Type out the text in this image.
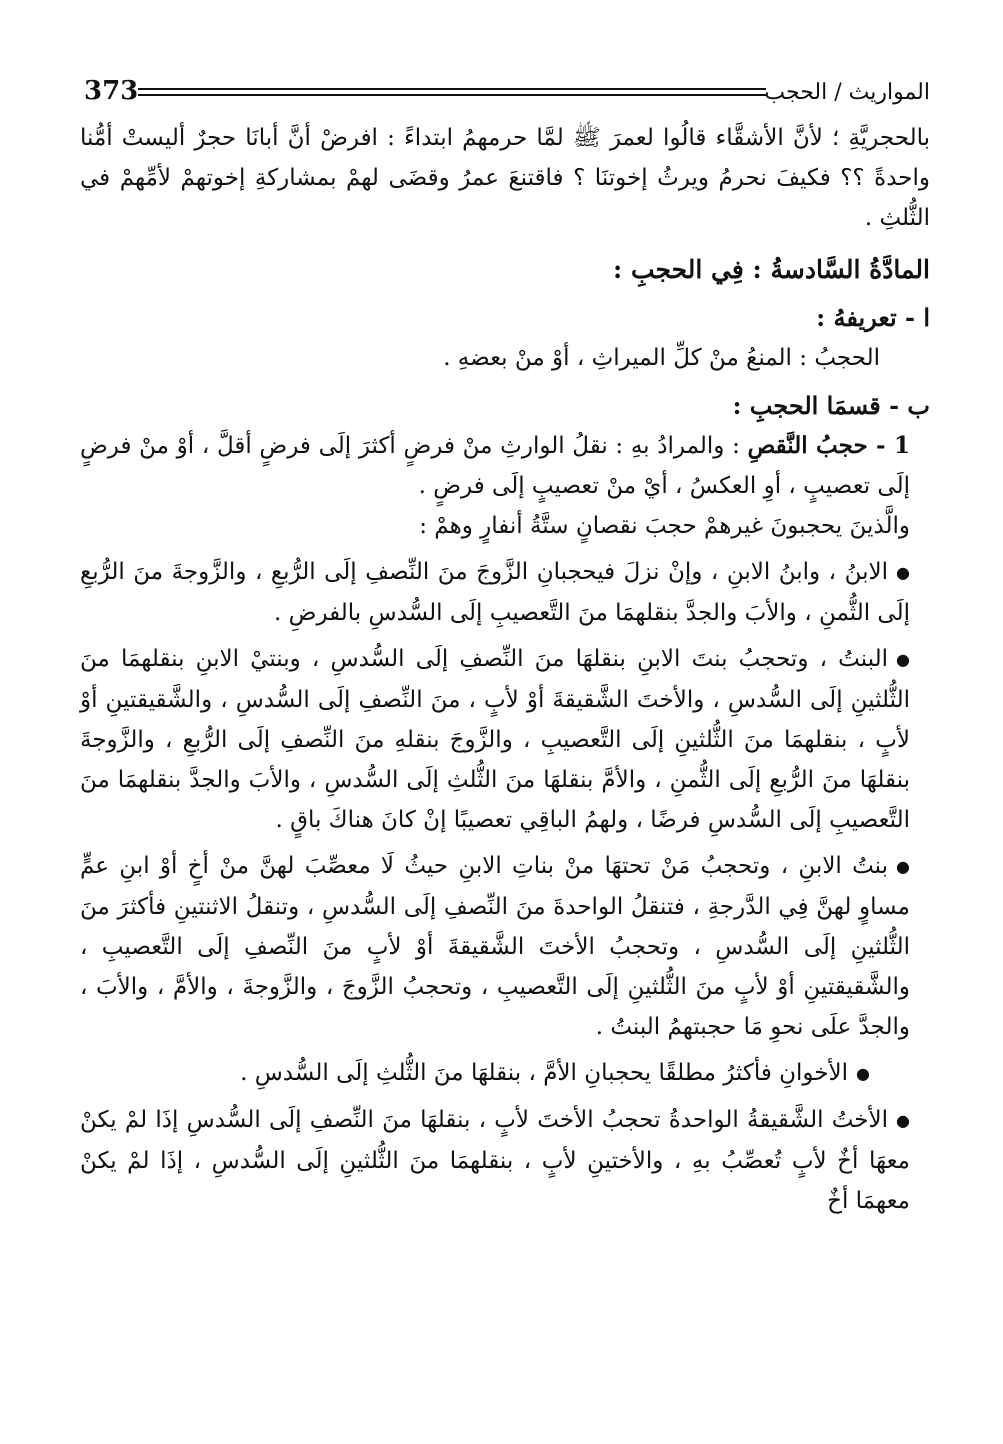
373	المواريث / الحجب

بالحجريَّةِ ؛ لأنَّ الأشقَّاء قالُوا لعمرَ ﷺ لمَّا حرمهمُ ابتداءً : افرضْ أنَّ أبانَا حجرٌ أليستْ أمُّنا واحدةً ؟؟ فكيفَ نحرمُ ويرثُ إخوتنَا ؟ فاقتنعَ عمرُ وقضَى لهمْ بمشاركةِ إخوتهمْ لأمِّهمْ في الثُّلثِ .

المادَّةُ السَّادسةُ : فِي الحجبِ :

ا - تعريفهُ :

الحجبُ : المنعُ منْ كلِّ الميراثِ ، أوْ منْ بعضهِ .

ب - قسمَا الحجبِ :

1 - حجبُ النَّقصِ : والمرادُ بهِ : نقلُ الوارثِ منْ فرضٍ أكثرَ إلَى فرضٍ أقلَّ ، أوْ منْ فرضٍ إلَى تعصيبٍ ، أوِ العكسُ ، أيْ منْ تعصيبٍ إلَى فرضٍ .

والَّذينَ يحجبونَ غيرهمْ حجبَ نقصانٍ ستَّةُ أنفارٍ وهمْ :

●الابنُ ، وابنُ الابنِ ، وإنْ نزلَ فيحجبانِ الزَّوجَ منَ النِّصفِ إلَى الرُّبعِ ، والزَّوجةَ منَ الرُّبعِ إلَى الثُّمنِ ، والأبَ والجدَّ بنقلهمَا منَ التَّعصيبِ إلَى السُّدسِ بالفرضِ .

●البنتُ ، وتحجبُ بنتَ الابنِ بنقلهَا منَ النِّصفِ إلَى السُّدسِ ، وبنتيْ الابنِ بنقلهمَا منَ الثُّلثينِ إلَى السُّدسِ ، والأختَ الشَّقيقةَ أوْ لأبٍ ، منَ النِّصفِ إلَى السُّدسِ ، والشَّقيقتينِ أوْ لأبٍ ، بنقلهمَا منَ الثُّلثينِ إلَى التَّعصيبِ ، والزَّوجَ بنقلهِ منَ النِّصفِ إلَى الرُّبعِ ، والزَّوجةَ بنقلهَا منَ الرُّبعِ إلَى الثُّمنِ ، والأمَّ بنقلهَا منَ الثُّلثِ إلَى السُّدسِ ، والأبَ والجدَّ بنقلهمَا منَ التَّعصيبِ إلَى السُّدسِ فرضًا ، ولهمُ الباقِي تعصيبًا إنْ كانَ هناكَ باقٍ .

●بنتُ الابنِ ، وتحجبُ مَنْ تحتهَا منْ بناتِ الابنِ حيثُ لَا معصِّبَ لهنَّ منْ أخٍ أوْ ابنِ عمٍّ مساوٍ لهنَّ فِي الدَّرجةِ ، فتنقلُ الواحدةَ منَ النِّصفِ إلَى السُّدسِ ، وتنقلُ الاثنتينِ فأكثرَ منَ الثُّلثينِ إلَى السُّدسِ ، وتحجبُ الأختَ الشَّقيقةَ أوْ لأبٍ منَ النِّصفِ إلَى التَّعصيبِ ، والشَّقيقتينِ أوْ لأبٍ منَ الثُّلثينِ إلَى التَّعصيبِ ، وتحجبُ الزَّوجَ ، والزَّوجةَ ، والأمَّ ، والأبَ ، والجدَّ علَى نحوِ مَا حجبتهمُ البنتُ .

●الأخوانِ فأكثرُ مطلقًا يحجبانِ الأمَّ ، بنقلهَا منَ الثُّلثِ إلَى السُّدسِ .

●الأختُ الشَّقيقةُ الواحدةُ تحجبُ الأختَ لأبٍ ، بنقلهَا منَ النِّصفِ إلَى السُّدسِ إذَا لمْ يكنْ معهَا أخٌ لأبٍ تُعصِّبُ بهِ ، والأختينِ لأبٍ ، بنقلهمَا منَ الثُّلثينِ إلَى السُّدسِ ، إذَا لمْ يكنْ معهمَا أخٌ
